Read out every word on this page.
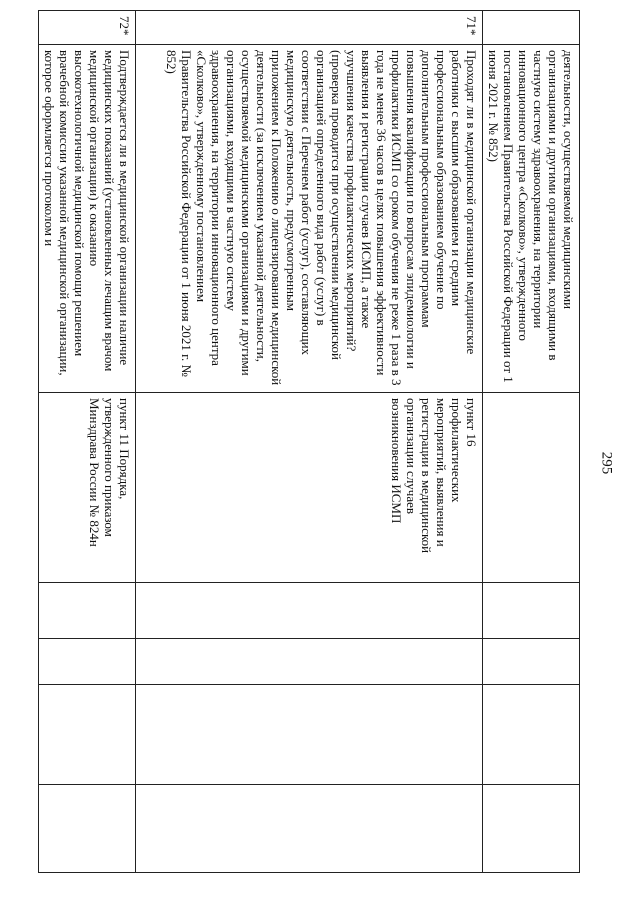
295
	деятельности, осуществляемой медицинскими организациями и другими организациями, входящими в частную систему здравоохранения, на территории инновационного центра «Сколково», утвержденного постановлением Правительства Российской Федерации от 1 июня 2021 г. № 852)	

71*	Проходят ли в медицинской организации медицинские работники с высшим образованием и средним профессиональным образованием обучение по дополнительным профессиональным программам повышения квалификации по вопросам эпидемиологии и профилактики ИСМП со сроком обучения не реже 1 раза в 3 года не менее 36 часов в целях повышения эффективности выявления и регистрации случаев ИСМП, а также улучшения качества профилактических мероприятий? (проверка проводится при осуществлении медицинской организацией определенного вида работ (услуг) в соответствии с Перечнем работ (услуг), составляющих медицинскую деятельность, предусмотренным приложением к Положению о лицензировании медицинской деятельности (за исключением указанной деятельности, осуществляемой медицинскими организациями и другими организациями, входящими в частную систему здравоохранения, на территории инновационного центра «Сколково», утвержденному постановлением Правительства Российской Федерации от 1 июня 2021 г. № 852)	пункт 16
профилактических мероприятий, выявления и регистрации в медицинской организации случаев возникновения ИСМП				

72*	Подтверждается ли в медицинской организации наличие медицинских показаний (установленных лечащим врачом медицинской организации) к оказанию высокотехнологичной медицинской помощи решением врачебной комиссии указанной медицинской организации, которое оформляется протоколом и	пункт 11 Порядка, утвержденного приказом Минздрава России № 824н				
